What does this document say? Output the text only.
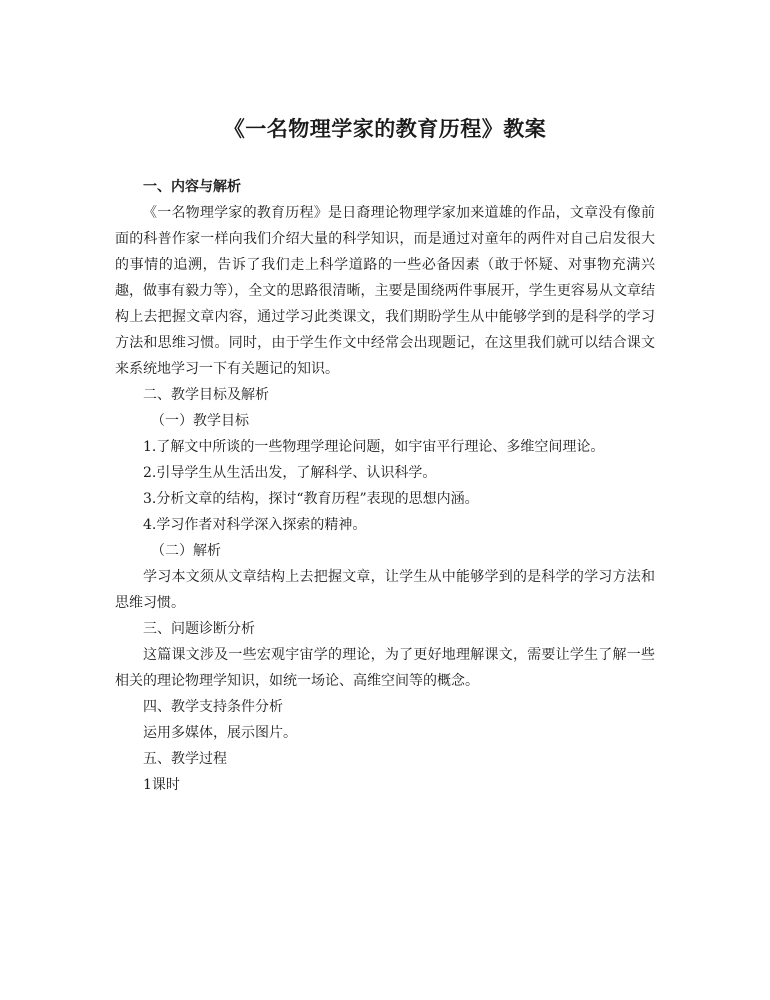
《一名物理学家的教育历程》教案

一、内容与解析

《一名物理学家的教育历程》是日裔理论物理学家加来道雄的作品，文章没有像前面的科普作家一样向我们介绍大量的科学知识，而是通过对童年的两件对自己启发很大的事情的追溯，告诉了我们走上科学道路的一些必备因素（敢于怀疑、对事物充满兴趣，做事有毅力等），全文的思路很清晰，主要是围绕两件事展开，学生更容易从文章结构上去把握文章内容，通过学习此类课文，我们期盼学生从中能够学到的是科学的学习方法和思维习惯。同时，由于学生作文中经常会出现题记，在这里我们就可以结合课文来系统地学习一下有关题记的知识。

二、教学目标及解析

（一）教学目标

1.了解文中所谈的一些物理学理论问题，如宇宙平行理论、多维空间理论。

2.引导学生从生活出发，了解科学、认识科学。

3.分析文章的结构，探讨“教育历程”表现的思想内涵。

4.学习作者对科学深入探索的精神。

（二）解析

学习本文须从文章结构上去把握文章，让学生从中能够学到的是科学的学习方法和思维习惯。

三、问题诊断分析

这篇课文涉及一些宏观宇宙学的理论，为了更好地理解课文，需要让学生了解一些相关的理论物理学知识，如统一场论、高维空间等的概念。

四、教学支持条件分析

运用多媒体，展示图片。

五、教学过程

1课时
